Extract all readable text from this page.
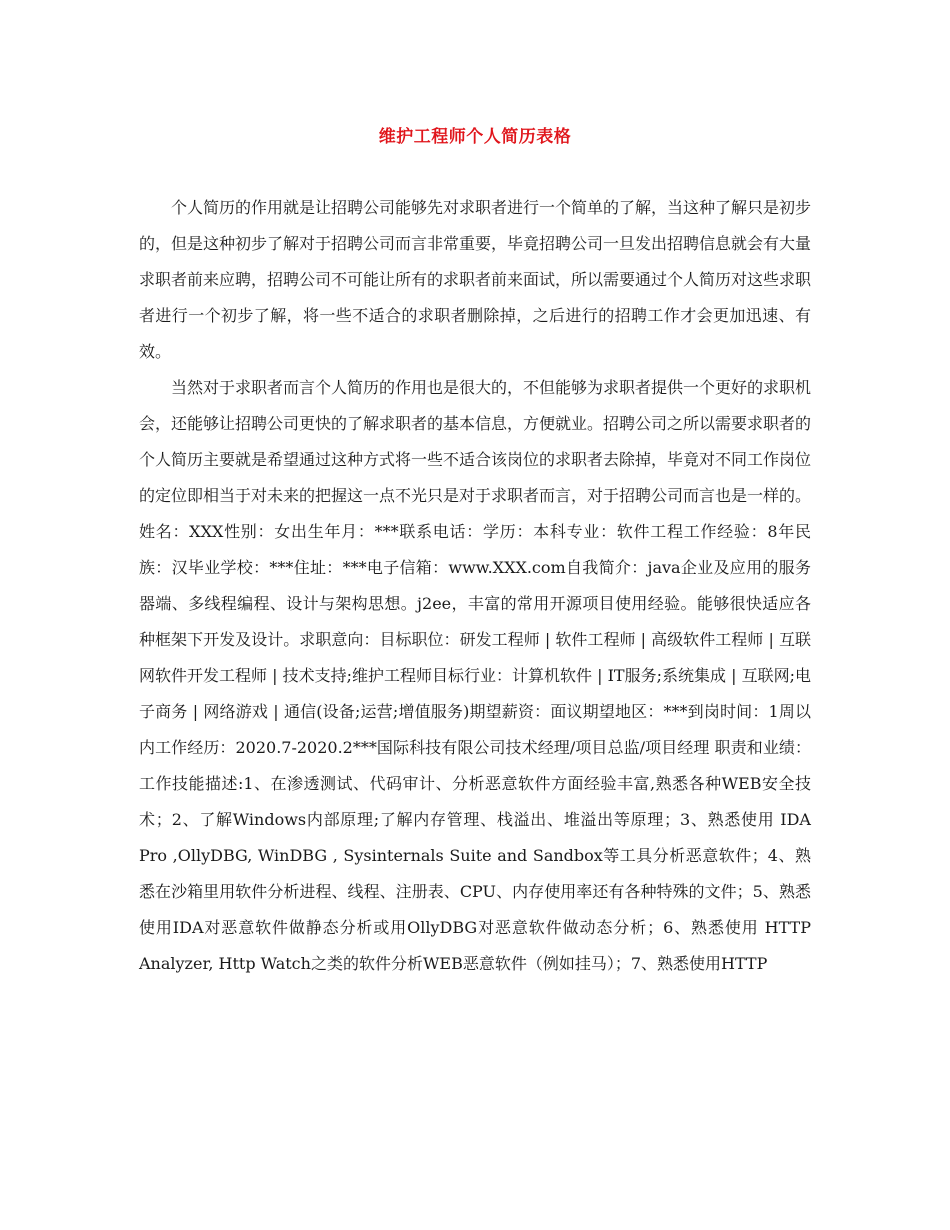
维护工程师个人简历表格

个人简历的作用就是让招聘公司能够先对求职者进行一个简单的了解，当这种了解只是初步的，但是这种初步了解对于招聘公司而言非常重要，毕竟招聘公司一旦发出招聘信息就会有大量求职者前来应聘，招聘公司不可能让所有的求职者前来面试，所以需要通过个人简历对这些求职者进行一个初步了解，将一些不适合的求职者删除掉，之后进行的招聘工作才会更加迅速、有效。

当然对于求职者而言个人简历的作用也是很大的，不但能够为求职者提供一个更好的求职机会，还能够让招聘公司更快的了解求职者的基本信息，方便就业。招聘公司之所以需要求职者的个人简历主要就是希望通过这种方式将一些不适合该岗位的求职者去除掉，毕竟对不同工作岗位的定位即相当于对未来的把握这一点不光只是对于求职者而言，对于招聘公司而言也是一样的。

姓名：XXX性别：女出生年月：***联系电话：学历：本科专业：软件工程工作经验：8年民族：汉毕业学校：***住址：***电子信箱：www.XXX.com自我简介：java企业及应用的服务器端、多线程编程、设计与架构思想。j2ee，丰富的常用开源项目使用经验。能够很快适应各种框架下开发及设计。求职意向：目标职位：研发工程师 | 软件工程师 | 高级软件工程师 | 互联网软件开发工程师 | 技术支持;维护工程师目标行业：计算机软件 | IT服务;系统集成 | 互联网;电子商务 | 网络游戏 | 通信(设备;运营;增值服务)期望薪资：面议期望地区：***到岗时间：1周以内工作经历：2020.7-2020.2***国际科技有限公司技术经理/项目总监/项目经理 职责和业绩：工作技能描述:1、在渗透测试、代码审计、分析恶意软件方面经验丰富,熟悉各种WEB安全技术；2、了解Windows内部原理;了解内存管理、栈溢出、堆溢出等原理；3、熟悉使用 IDA Pro ,OllyDBG, WinDBG , Sysinternals Suite and Sandbox等工具分析恶意软件；4、熟悉在沙箱里用软件分析进程、线程、注册表、CPU、内存使用率还有各种特殊的文件；5、熟悉使用IDA对恶意软件做静态分析或用OllyDBG对恶意软件做动态分析；6、熟悉使用 HTTP Analyzer, Http Watch之类的软件分析WEB恶意软件（例如挂马）；7、熟悉使用HTTP
